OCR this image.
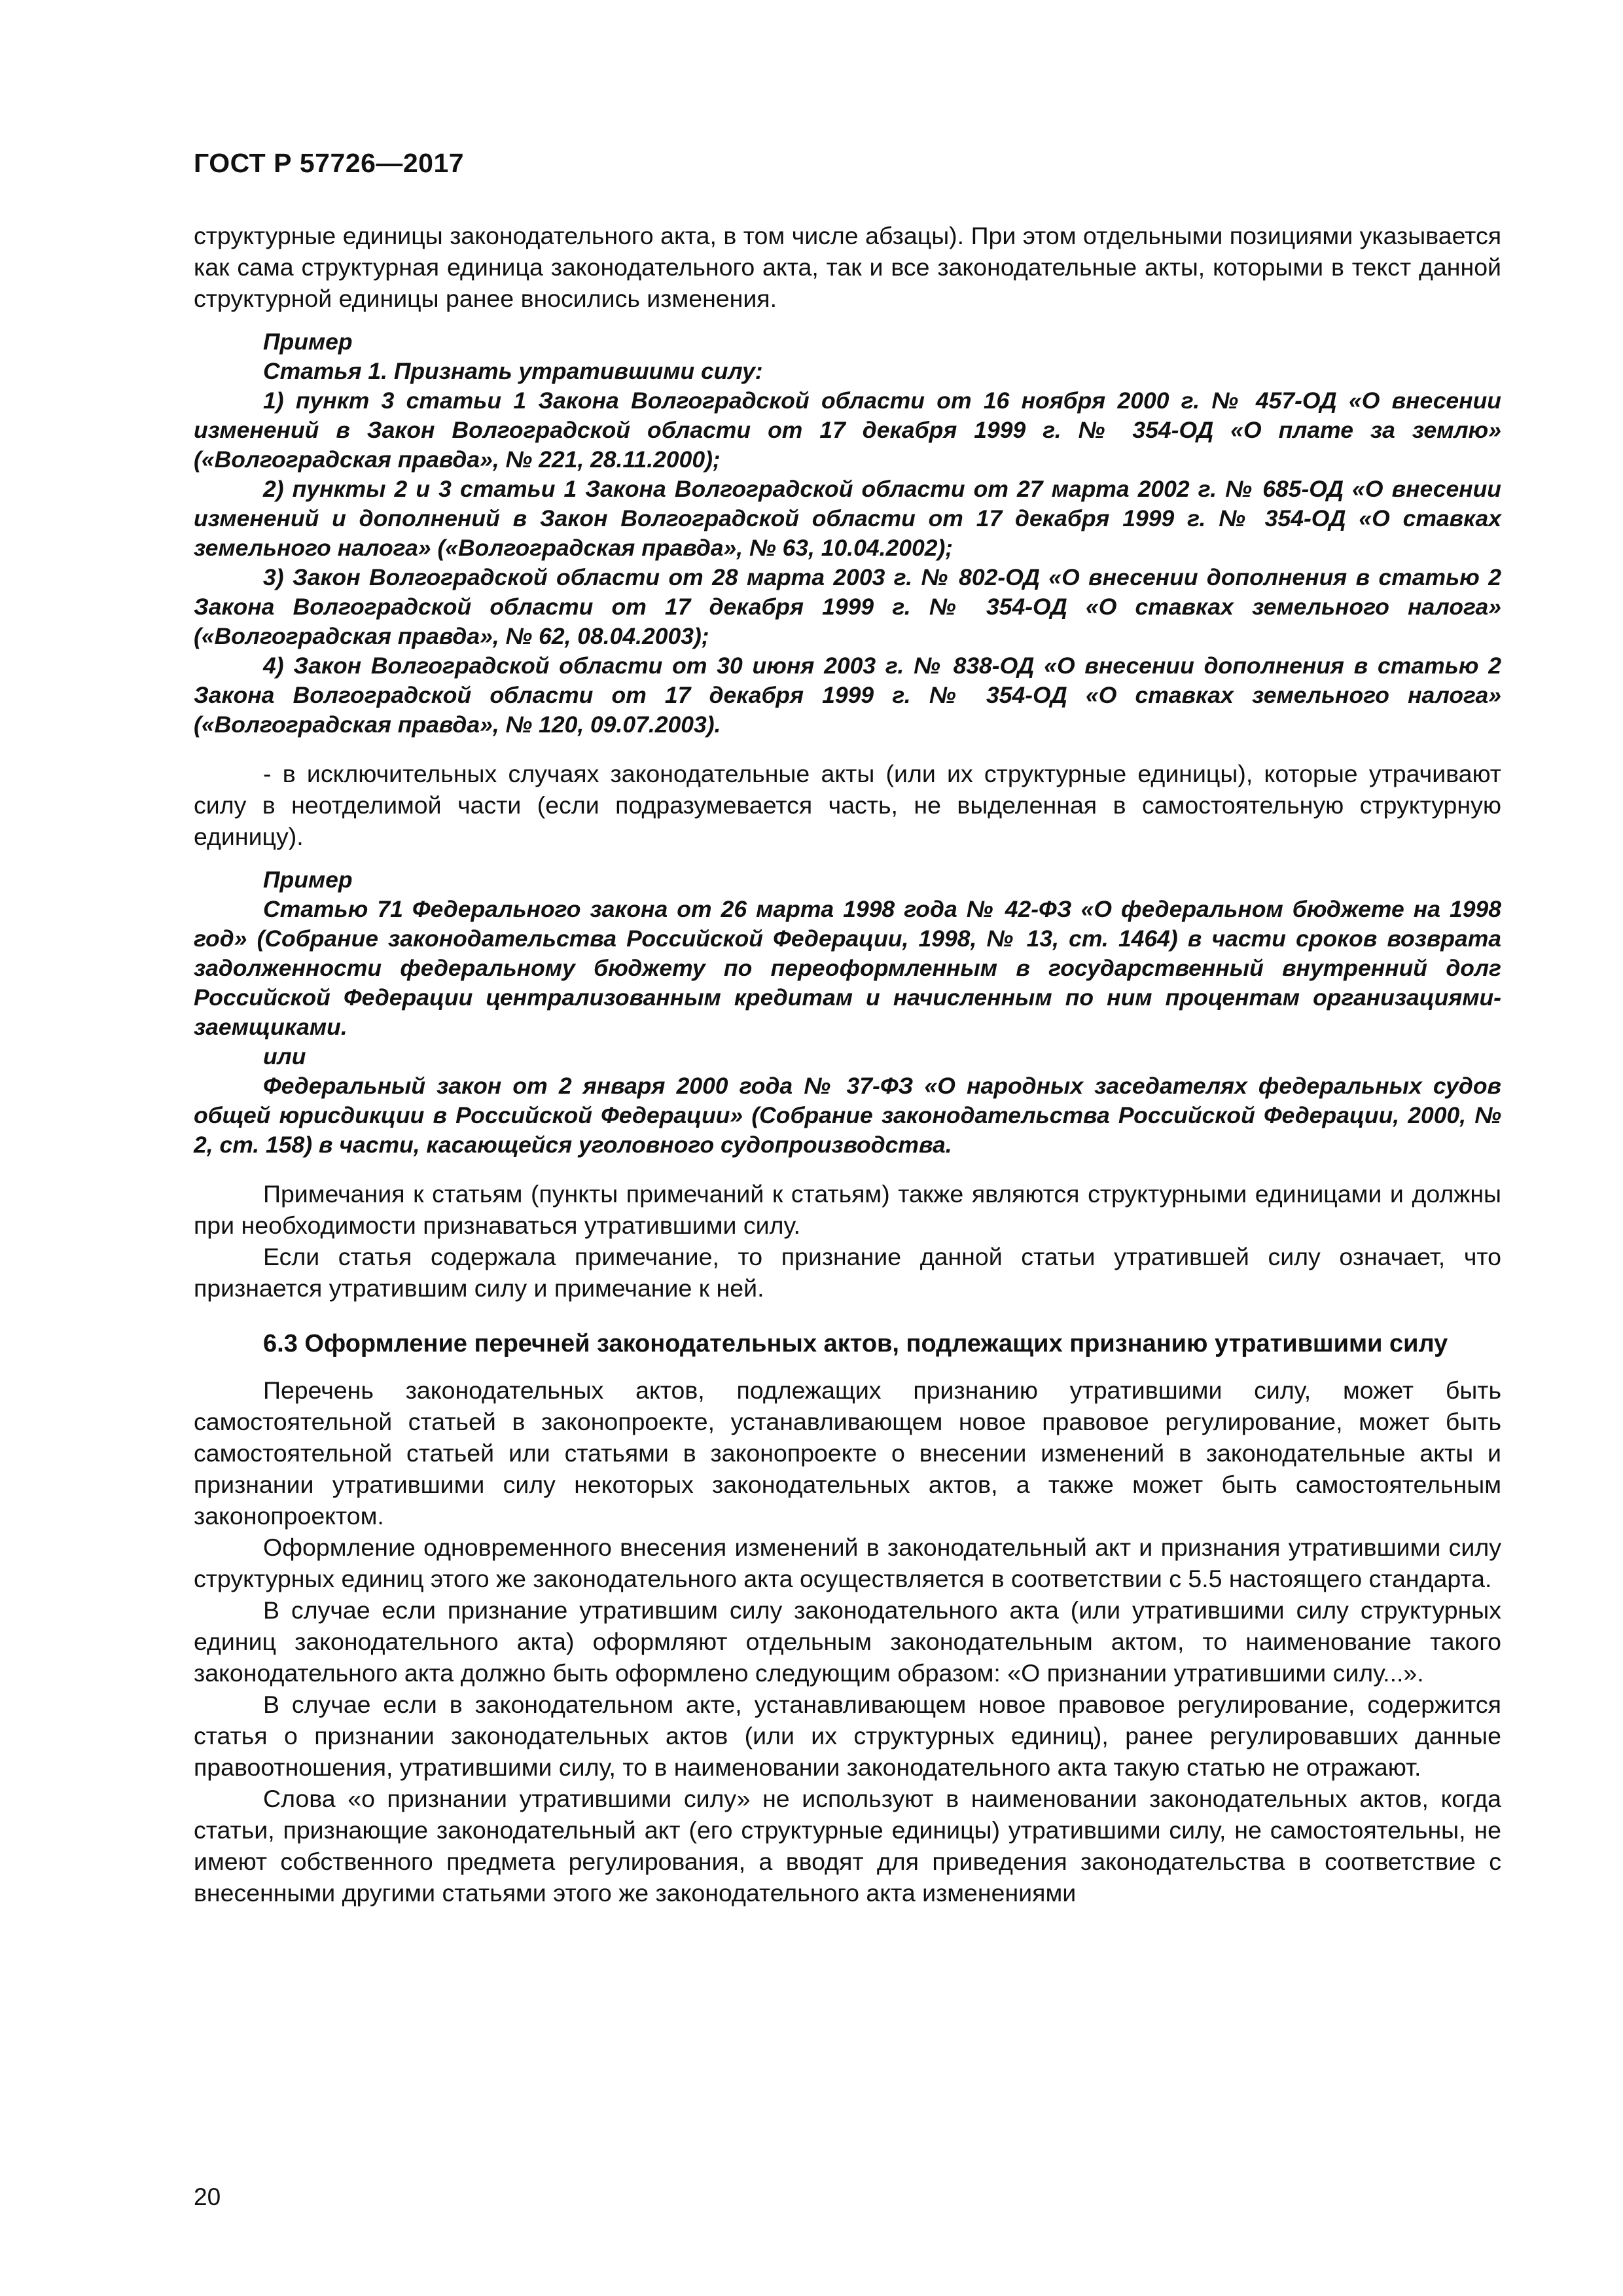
ГОСТ Р 57726—2017

структурные единицы законодательного акта, в том числе абзацы). При этом отдельными позициями указывается как сама структурная единица законодательного акта, так и все законодательные акты, которыми в текст данной структурной единицы ранее вносились изменения.

Пример

Статья 1. Признать утратившими силу:

1) пункт 3 статьи 1 Закона Волгоградской области от 16 ноября 2000 г. № 457-ОД «О внесении изменений в Закон Волгоградской области от 17 декабря 1999 г. № 354-ОД «О плате за землю» («Волгоградская правда», № 221, 28.11.2000);

2) пункты 2 и 3 статьи 1 Закона Волгоградской области от 27 марта 2002 г. № 685-ОД «О внесении изменений и дополнений в Закон Волгоградской области от 17 декабря 1999 г. № 354-ОД «О ставках земельного налога» («Волгоградская правда», № 63, 10.04.2002);

3) Закон Волгоградской области от 28 марта 2003 г. № 802-ОД «О внесении дополнения в статью 2 Закона Волгоградской области от 17 декабря 1999 г. № 354-ОД «О ставках земельного налога» («Волгоградская правда», № 62, 08.04.2003);

4) Закон Волгоградской области от 30 июня 2003 г. № 838-ОД «О внесении дополнения в статью 2 Закона Волгоградской области от 17 декабря 1999 г. № 354-ОД «О ставках земельного налога» («Волгоградская правда», № 120, 09.07.2003).

- в исключительных случаях законодательные акты (или их структурные единицы), которые утрачивают силу в неотделимой части (если подразумевается часть, не выделенная в самостоятельную структурную единицу).

Пример

Статью 71 Федерального закона от 26 марта 1998 года № 42-ФЗ «О федеральном бюджете на 1998 год» (Собрание законодательства Российской Федерации, 1998, № 13, ст. 1464) в части сроков возврата задолженности федеральному бюджету по переоформленным в государственный внутренний долг Российской Федерации централизованным кредитам и начисленным по ним процентам организациями-заемщиками.

или

Федеральный закон от 2 января 2000 года № 37-ФЗ «О народных заседателях федеральных судов общей юрисдикции в Российской Федерации» (Собрание законодательства Российской Федерации, 2000, № 2, ст. 158) в части, касающейся уголовного судопроизводства.

Примечания к статьям (пункты примечаний к статьям) также являются структурными единицами и должны при необходимости признаваться утратившими силу.

Если статья содержала примечание, то признание данной статьи утратившей силу означает, что признается утратившим силу и примечание к ней.

6.3 Оформление перечней законодательных актов, подлежащих признанию утратившими силу

Перечень законодательных актов, подлежащих признанию утратившими силу, может быть самостоятельной статьей в законопроекте, устанавливающем новое правовое регулирование, может быть самостоятельной статьей или статьями в законопроекте о внесении изменений в законодательные акты и признании утратившими силу некоторых законодательных актов, а также может быть самостоятельным законопроектом.

Оформление одновременного внесения изменений в законодательный акт и признания утратившими силу структурных единиц этого же законодательного акта осуществляется в соответствии с 5.5 настоящего стандарта.

В случае если признание утратившим силу законодательного акта (или утратившими силу структурных единиц законодательного акта) оформляют отдельным законодательным актом, то наименование такого законодательного акта должно быть оформлено следующим образом: «О признании утратившими силу...».

В случае если в законодательном акте, устанавливающем новое правовое регулирование, содержится статья о признании законодательных актов (или их структурных единиц), ранее регулировавших данные правоотношения, утратившими силу, то в наименовании законодательного акта такую статью не отражают.

Слова «о признании утратившими силу» не используют в наименовании законодательных актов, когда статьи, признающие законодательный акт (его структурные единицы) утратившими силу, не самостоятельны, не имеют собственного предмета регулирования, а вводят для приведения законодательства в соответствие с внесенными другими статьями этого же законодательного акта изменениями

20
